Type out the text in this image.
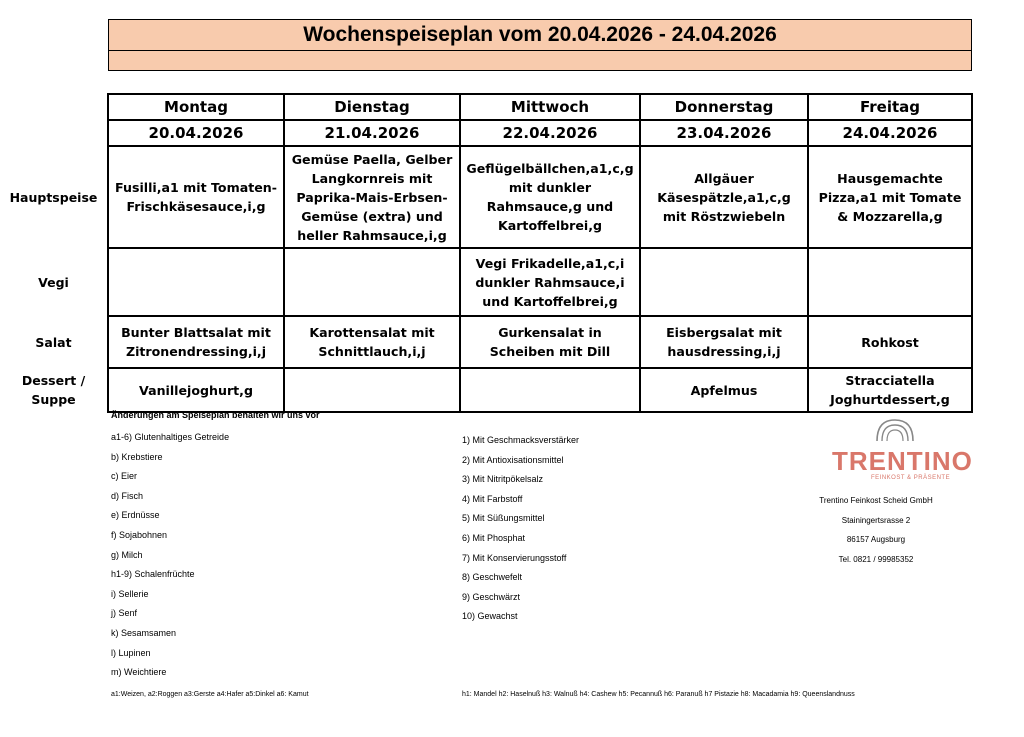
Wochenspeiseplan vom 20.04.2026 - 24.04.2026
	Montag	Dienstag	Mittwoch	Donnerstag	Freitag
	20.04.2026	21.04.2026	22.04.2026	23.04.2026	24.04.2026
Hauptspeise	Fusilli,a1 mit Tomaten-Frischkäsesauce,i,g	Gemüse Paella, Gelber Langkornreis mit Paprika-Mais-Erbsen-Gemüse (extra) und heller Rahmsauce,i,g	Geflügelbällchen,a1,c,g mit dunkler Rahmsauce,g und Kartoffelbrei,g	Allgäuer Käsespätzle,a1,c,g mit Röstzwiebeln	Hausgemachte Pizza,a1 mit Tomate & Mozzarella,g
Vegi			Vegi Frikadelle,a1,c,i dunkler Rahmsauce,i und Kartoffelbrei,g		
Salat	Bunter Blattsalat mit Zitronendressing,i,j	Karottensalat mit Schnittlauch,i,j	Gurkensalat in Scheiben mit Dill	Eisbergsalat mit hausdressing,i,j	Rohkost
Dessert / Suppe	Vanillejoghurt,g			Apfelmus	Stracciatella Joghurtdessert,g
Änderungen am Speiseplan behalten wir uns vor
a1-6) Glutenhaltiges Getreide
b) Krebstiere
c) Eier
d) Fisch
e) Erdnüsse
f) Sojabohnen
g) Milch
h1-9) Schalenfrüchte
i) Sellerie
j) Senf
k) Sesamsamen
l) Lupinen
m) Weichtiere
1) Mit Geschmacksverstärker
2) Mit Antioxisationsmittel
3) Mit Nitritpökelsalz
4) Mit Farbstoff
5) Mit Süßungsmittel
6) Mit Phosphat
7) Mit Konservierungsstoff
8) Geschwefelt
9) Geschwärzt
10) Gewachst
a1:Weizen, a2:Roggen a3:Gerste a4:Hafer a5:Dinkel a6: Kamut	h1: Mandel h2: Haselnuß h3: Walnuß h4: Cashew h5: Pecannuß h6: Paranuß h7 Pistazie h8: Macadamia h9: Queenslandnuss
TRENTINO
FEINKOST & PRÄSENTE
Trentino Feinkost Scheid GmbH
Stainingertsrasse 2
86157 Augsburg
Tel. 0821 / 99985352
